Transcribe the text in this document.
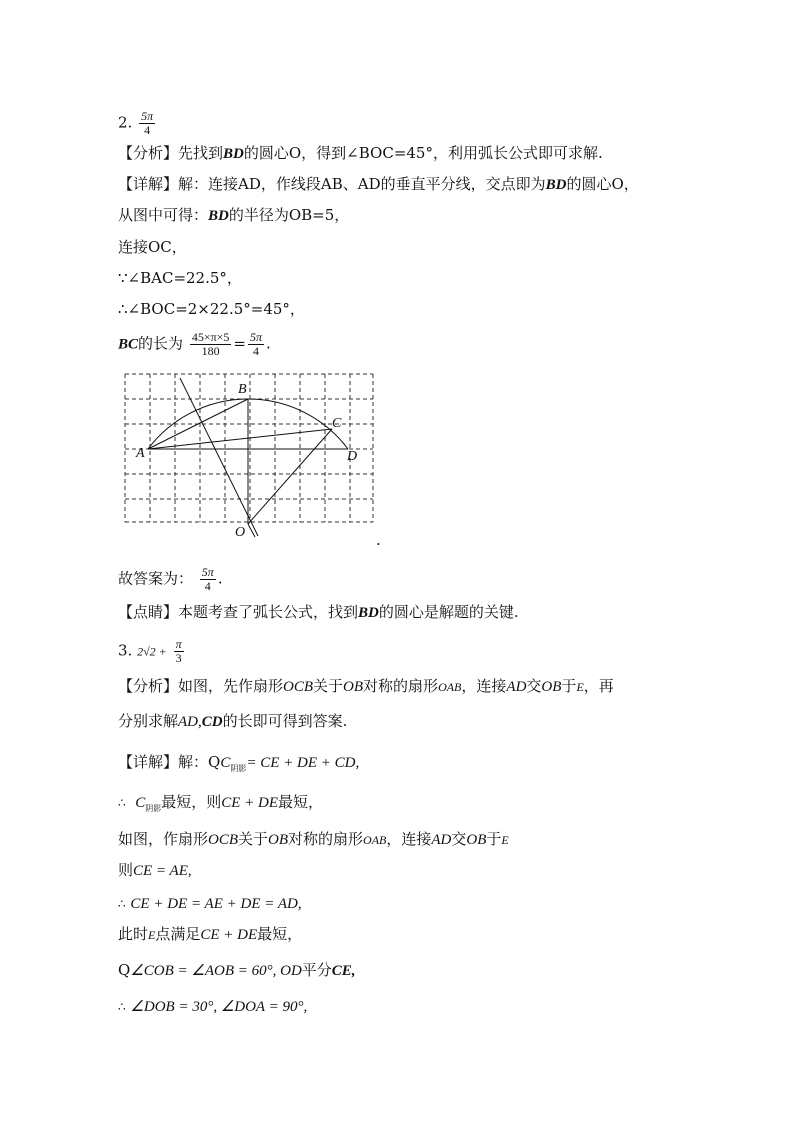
2. $\frac{5\pi}{4}$
【分析】先找到BD的圆心O，得到∠BOC=45°，利用弧长公式即可求解.
【详解】解：连接AD，作线段AB、AD的垂直平分线，交点即为BD的圆心O，
从图中可得：BD的半径为OB=5，
连接OC，
∵∠BAC=22.5°，
∴∠BOC=2×22.5°=45°，
BC的长为 $\frac{45\times\pi\times 5}{180} = \frac{5\pi}{4}$ .
A
B
C
D
O	.
故答案为： $\frac{5\pi}{4}$ .
【点睛】本题考查了弧长公式，找到BD的圆心是解题的关键.
3. $2√2 + \frac{\pi}{3}$
【分析】如图，先作扇形OCB关于OB对称的扇形OAB，连接AD交OB于E，再
分别求解AD,CD的长即可得到答案.
【详解】解：$QC_{阴影}=$ CE + DE + CD,
∴ $C_{阴影}$最短，则CE + DE最短，
如图，作扇形OCB关于OB对称的扇形OAB，连接AD交OB于E
则CE = AE,
∴ CE + DE = AE + DE = AD,
此时E点满足CE + DE最短，
Q∠COB = ∠AOB = 60°, OD平分CE,
∴ ∠DOB = 30°, ∠DOA = 90°,
